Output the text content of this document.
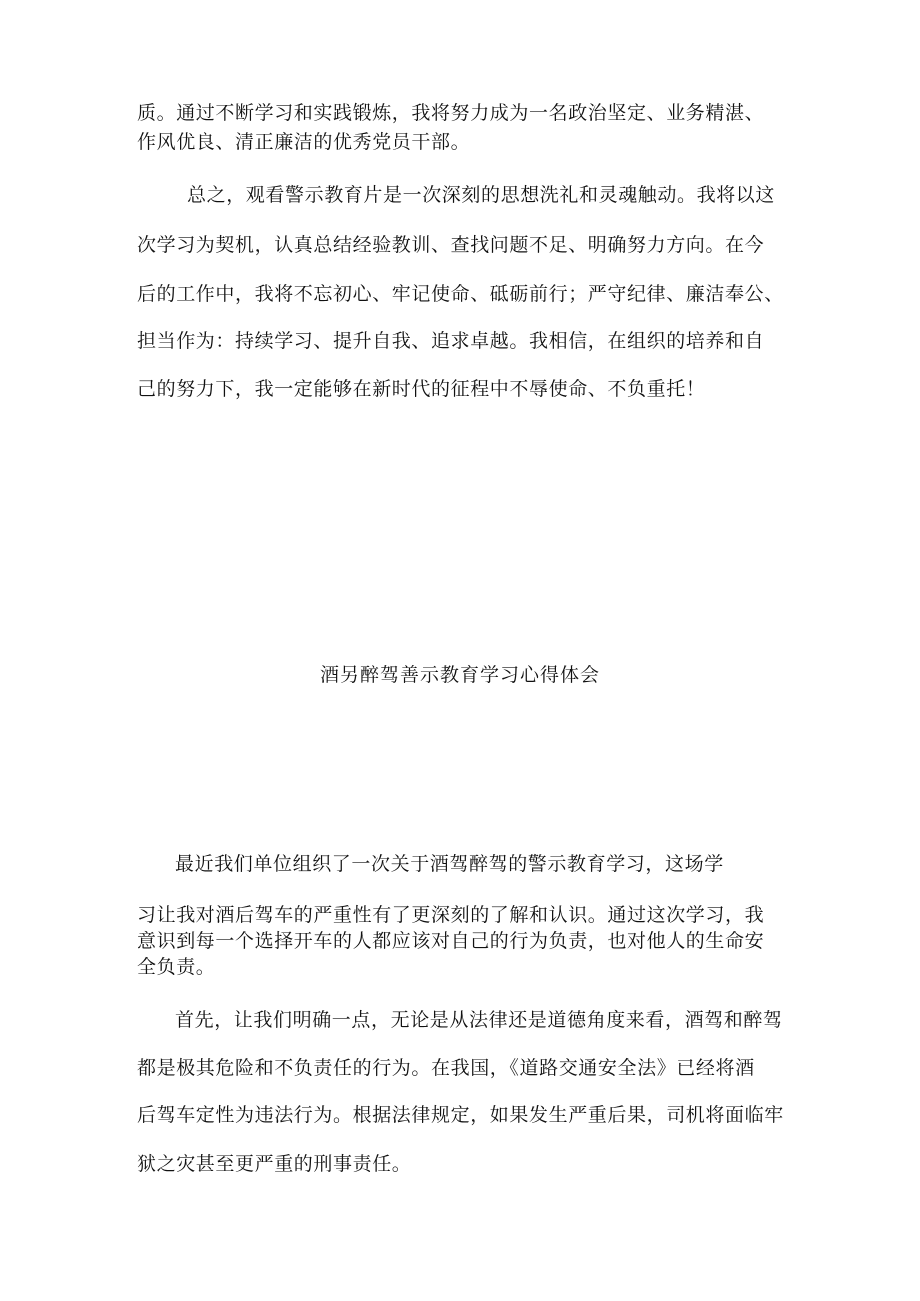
质。通过不断学习和实践锻炼，我将努力成为一名政治坚定、业务精湛、
作风优良、清正廉洁的优秀党员干部。
总之，观看警示教育片是一次深刻的思想洗礼和灵魂触动。我将以这
次学习为契机，认真总结经验教训、查找问题不足、明确努力方向。在今
后的工作中，我将不忘初心、牢记使命、砥砺前行；严守纪律、廉洁奉公、
担当作为：持续学习、提升自我、追求卓越。我相信，在组织的培养和自
己的努力下，我一定能够在新时代的征程中不辱使命、不负重托！
酒另醉驾善示教育学习心得体会
最近我们单位组织了一次关于酒驾醉驾的警示教育学习，这场学
习让我对酒后驾车的严重性有了更深刻的了解和认识。通过这次学习，我
意识到每一个选择开车的人都应该对自己的行为负责，也对他人的生命安
全负责。
首先，让我们明确一点，无论是从法律还是道德角度来看，酒驾和醉驾
都是极其危险和不负责任的行为。在我国，《道路交通安全法》已经将酒
后驾车定性为违法行为。根据法律规定，如果发生严重后果，司机将面临牢
狱之灾甚至更严重的刑事责任。
